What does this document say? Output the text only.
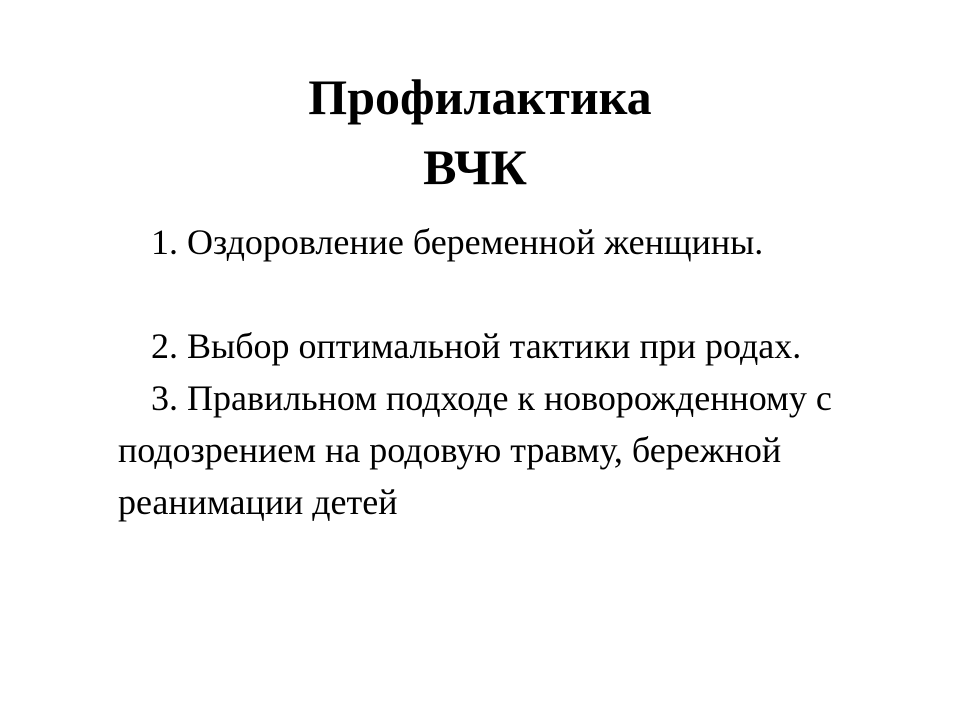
Профилактика
ВЧК

1. Оздоровление беременной женщины.

2. Выбор оптимальной тактики при родах.

3. Правильном подходе к новорожденному с подозрением на родовую травму, бережной реанимации детей
